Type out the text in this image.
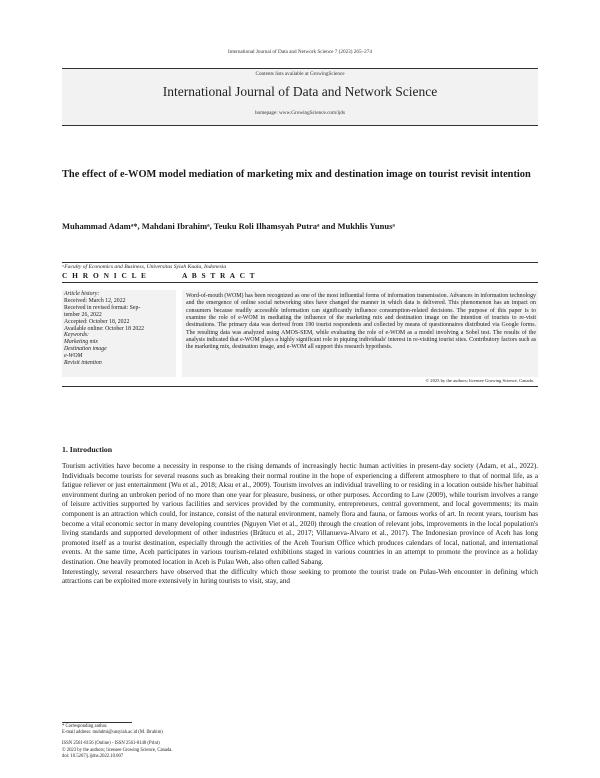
International Journal of Data and Network Science 7 (2023) 265–274
Contents lists available at GrowingScience
International Journal of Data and Network Science
homepage: www.GrowingScience.com/ijds
The effect of e-WOM model mediation of marketing mix and destination image on tourist revisit intention
Muhammad Adamᵃ*, Mahdani Ibrahimᵃ, Teuku Roli Ilhamsyah Putraᵃ and Mukhlis Yunusᵃ
ᵃFaculty of Economics and Business, Universitas Syiah Kuala, Indonesia
C H R O N I C L E	A B S T R A C T
Article history:
Received: March 12, 2022
Received in revised format: Sep-
tember 26, 2022
Accepted: October 18, 2022
Available online: October 18 2022
Keywords:
Marketing mix
Destination image
e-WOM
Revisit intention
Word-of-mouth (WOM) has been recognized as one of the most influential forms of information transmission. Advances in information technology and the emergence of online social networking sites have changed the manner in which data is delivered. This phenomenon has an impact on consumers because readily accessible information can significantly influence consumption-related decisions. The purpose of this paper is to examine the role of e-WOM in mediating the influence of the marketing mix and destination image on the intention of tourists to re-visit destinations. The primary data was derived from 190 tourist respondents and collected by means of questionnaires distributed via Google forms. The resulting data was analyzed using AMOS-SEM, while evaluating the role of e-WOM as a model involving a Sobel test. The results of the analysis indicated that e-WOM plays a highly significant role in piquing individuals' interest in re-visiting tourist sites. Contributory factors such as the marketing mix, destination image, and e-WOM all support this research hypothesis.
© 2023 by the authors; licensee Growing Science, Canada.
1. Introduction

Tourism activities have become a necessity in response to the rising demands of increasingly hectic human activities in present-day society (Adam, et al., 2022). Individuals become tourists for several reasons such as breaking their normal routine in the hope of experiencing a different atmosphere to that of normal life, as a fatigue reliever or just entertainment (Wu et al., 2018; Aksu et al., 2009). Tourism involves an individual travelling to or residing in a location outside his/her habitual environment during an unbroken period of no more than one year for pleasure, business, or other purposes. According to Law (2009), while tourism involves a range of leisure activities supported by various facilities and services provided by the community, entrepreneurs, central government, and local governments; its main component is an attraction which could, for instance, consist of the natural environment, namely flora and fauna, or famous works of art. In recent years, tourism has become a vital economic sector in many developing countries (Nguyen Viet et al., 2020) through the creation of relevant jobs, improvements in the local population's living standards and supported development of other industries (Brătucu et al., 2017; Villanueva-Alvaro et al., 2017). The Indonesian province of Aceh has long promoted itself as a tourist destination, especially through the activities of the Aceh Tourism Office which produces calendars of local, national, and international events. At the same time, Aceh participates in various tourism-related exhibitions staged in various countries in an attempt to promote the province as a holiday destination. One heavily promoted location in Aceh is Pulau Weh, also often called Sabang.

Interestingly, several researchers have observed that the difficulty which those seeking to promote the tourist trade on Pulau-Weh encounter in defining which attractions can be exploited more extensively in luring tourists to visit, stay, and

* Corresponding author.
E-mail address: muhdmi@unsyiah.ac.id (M. Ibrahim)
ISSN 2561-8156 (Online) - ISSN 2561-8148 (Print)
© 2023 by the authors; licensee Growing Science, Canada.
doi: 10.5267/j.ijdns.2022.10.007
